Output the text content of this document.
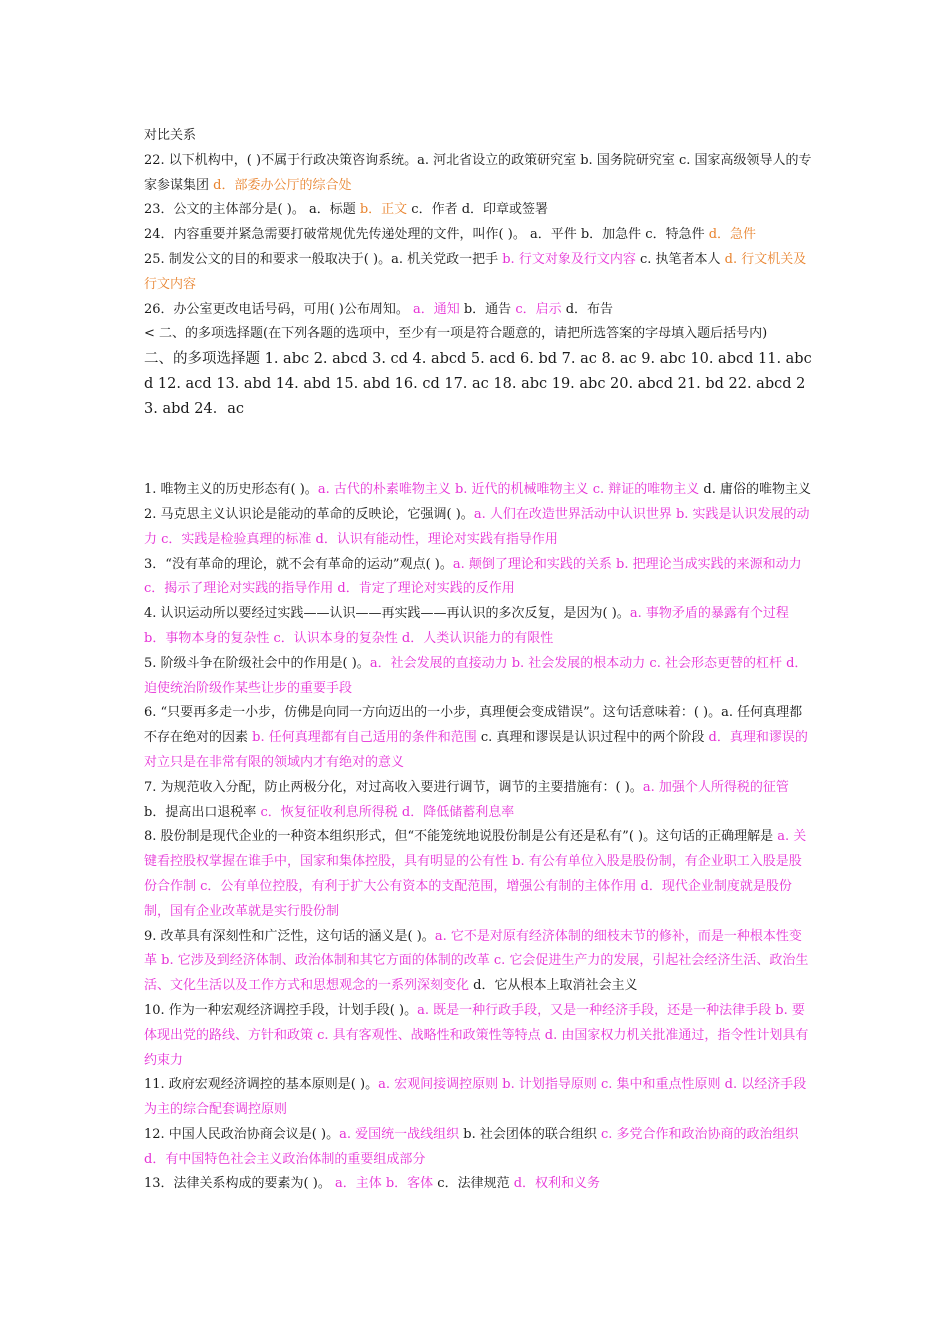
对比关系

22. 以下机构中，( )不属于行政决策咨询系统。a. 河北省设立的政策研究室 b. 国务院研究室 c. 国家高级领导人的专家参谋集团 d．部委办公厅的综合处

23．公文的主体部分是( )。 a．标题 b．正文 c．作者 d．印章或签署

24．内容重要并紧急需要打破常规优先传递处理的文件，叫作( )。 a．平件 b．加急件 c．特急件 d．急件

25. 制发公文的目的和要求一般取决于( )。a. 机关党政一把手 b. 行文对象及行文内容 c. 执笔者本人 d. 行文机关及行文内容

26．办公室更改电话号码，可用( )公布周知。 a．通知 b．通告 c．启示 d．布告

< 二、的多项选择题(在下列各题的选项中，至少有一项是符合题意的，请把所选答案的字母填入题后括号内)

二、的多项选择题 1. abc 2. abcd 3. cd 4. abcd 5. acd 6. bd 7. ac 8. ac 9. abc 10. abcd 11. abcd 12. acd 13. abd 14. abd 15. abd 16. cd 17. ac 18. abc 19. abc 20. abcd 21. bd 22. abcd 23. abd 24．ac

1. 唯物主义的历史形态有( )。a. 古代的朴素唯物主义 b. 近代的机械唯物主义 c. 辩证的唯物主义 d. 庸俗的唯物主义

2. 马克思主义认识论是能动的革命的反映论，它强调( )。a. 人们在改造世界活动中认识世界 b. 实践是认识发展的动力 c．实践是检验真理的标准 d．认识有能动性，理论对实践有指导作用

3．“没有革命的理论，就不会有革命的运动”观点( )。a. 颠倒了理论和实践的关系 b. 把理论当成实践的来源和动力 c．揭示了理论对实践的指导作用 d．肯定了理论对实践的反作用

4. 认识运动所以要经过实践——认识——再实践——再认识的多次反复，是因为( )。a. 事物矛盾的暴露有个过程 b．事物本身的复杂性 c．认识本身的复杂性 d．人类认识能力的有限性

5. 阶级斗争在阶级社会中的作用是( )。a．社会发展的直接动力 b. 社会发展的根本动力 c. 社会形态更替的杠杆 d．迫使统治阶级作某些让步的重要手段

6. “只要再多走一小步，仿佛是向同一方向迈出的一小步，真理便会变成错误”。这句话意味着：( )。a. 任何真理都不存在绝对的因素 b. 任何真理都有自己适用的条件和范围 c. 真理和谬误是认识过程中的两个阶段 d．真理和谬误的对立只是在非常有限的领域内才有绝对的意义

7. 为规范收入分配，防止两极分化，对过高收入要进行调节，调节的主要措施有：( )。a. 加强个人所得税的征管 b．提高出口退税率 c．恢复征收利息所得税 d．降低储蓄利息率

8. 股份制是现代企业的一种资本组织形式，但“不能笼统地说股份制是公有还是私有”( )。这句话的正确理解是 a. 关键看控股权掌握在谁手中，国家和集体控股，具有明显的公有性 b. 有公有单位入股是股份制，有企业职工入股是股份合作制 c．公有单位控股，有利于扩大公有资本的支配范围，增强公有制的主体作用 d．现代企业制度就是股份制，国有企业改革就是实行股份制

9. 改革具有深刻性和广泛性，这句话的涵义是( )。a. 它不是对原有经济体制的细枝末节的修补，而是一种根本性变革 b. 它涉及到经济体制、政治体制和其它方面的体制的改革 c. 它会促进生产力的发展，引起社会经济生活、政治生活、文化生活以及工作方式和思想观念的一系列深刻变化 d．它从根本上取消社会主义

10. 作为一种宏观经济调控手段，计划手段( )。a. 既是一种行政手段，又是一种经济手段，还是一种法律手段 b. 要体现出党的路线、方针和政策 c. 具有客观性、战略性和政策性等特点 d. 由国家权力机关批准通过，指令性计划具有约束力

11. 政府宏观经济调控的基本原则是( )。a. 宏观间接调控原则 b. 计划指导原则 c. 集中和重点性原则 d. 以经济手段为主的综合配套调控原则

12. 中国人民政治协商会议是( )。a. 爱国统一战线组织 b. 社会团体的联合组织 c. 多党合作和政治协商的政治组织 d．有中国特色社会主义政治体制的重要组成部分

13．法律关系构成的要素为( )。 a．主体 b．客体 c．法律规范 d．权利和义务
